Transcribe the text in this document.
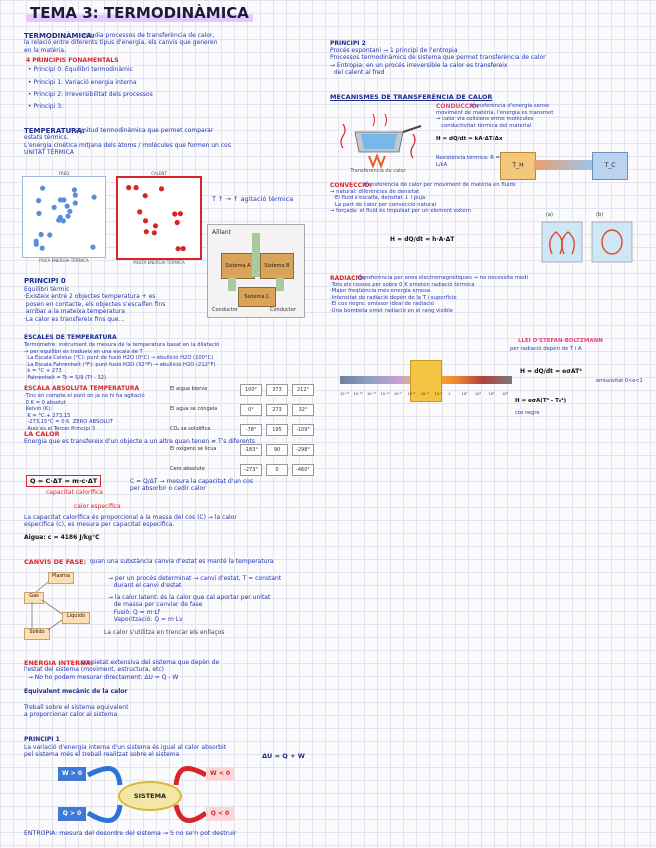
TEMA 3: TERMODINÀMICA
TERMODINÀMICA:
estudia processos de transferència de calor,
la relació entre diferents tipus d'energia, els canvis que generen
en la matèria.
4 PRINCIPIS FONAMENTALS
• Principi 0: Equilibri termodinàmic
• Principi 1: Variació energia interna
• Principi 2: Irreversibilitat dels processos
• Principi 3:
TEMPERATURA:
magnitud termodinàmica que permet comparar
estats tèrmics.
L'energia cinètica mitjana dels àtoms / molècules que formen un cos
UNITAT TÈRMICA
FRED
POCA ENERGIA TÈRMICA
CALENT
MOLTA ENERGIA TÈRMICA
T ↑ → ↑ agitació tèrmica
Aïllant
Sistema A	Sistema B
Sistema C
Conductor	Conductor
PRINCIPI 0
Equilibri tèrmic
·Existeix entre 2 objectes temperatura + es
posen en contacte, els objectes s'escalfen fins
arribar a la mateixa temperatura
·La calor es transfereix fins que...
ESCALES DE TEMPERATURA
Termòmetre: instrument de mesura de la temperatura basat en la dilatació
→ per equilibri es tradueix en una escala de T
La Escala Celsius (°C): punt de fusió H2O (0°C) → ebullició H2O (100°C)
La Escala Fahrenheit (°F): punt fusió H2O (32°F) → ebullició H2O (212°F)
k = °C + 273
Fahrenheit = Tc = 5/9 (Tf - 32)
ESCALA ABSOLUTA TEMPERATURA
·Tinc en compte el punt on ja no hi ha agitació
0 K = 0 absolut
Kelvin (K):
K = °C + 273,15
-273,15°C = 0 K  ZERO ABSOLUT
Això és el Tercer Principi 3
El aigua bierve	100°	373	212°
El agua se congela	0°	273	32°
CO₂ se solidifica	-78°	195	-109°
El oxígeno se licua	-183°	90	-298°
Cero absoluto	-273°	0	-460°
LA CALOR
Energia que es transfereix d'un objecte a un altre quan tenen ≠ T's diferents
Q = C·ΔT = m·c·ΔT
capacitat calorífica
calor específica
C = Q/ΔT → mesura la capacitat d'un cos
per absorbir o cedir calor
La capacitat calorífica és proporcional a la massa del cos (C) → la calor
específica (c), es mesura per capacitat específica.
Aigua: c = 4186 J/kg°C
CANVIS DE FASE: quan una substància canvia d'estat es manté la temperatura
Plasma
Gas
Líquido
Sòlido
→ per un procés determinat → canvi d'estat, T = constant
durant el canvi d'estat
→ la calor latent: és la calor que cal aportar per unitat
de massa per canviar de fase
Fusió: Q = m·Lf
Vaporització: Q = m·Lv
La calor s'utilitza en trencar els enllaços
ENERGIA INTERNA:
propietat extensiva del sistema que depèn de
l'estat del sistema (moviment, estructura, etc)
→ No ho podem mesurar directament: ΔU = Q - W
Equivalent mecànic de la calor
Treball sobre el sistema equivalent
a proporcionar calor al sistema
PRINCIPI 1
La variació d'energia interna d'un sistema és igual al calor absorbit
pel sistema més el treball realitzat sobre el sistema	ΔU = Q + W
W > 0
Q > 0
W < 0
Q < 0
SISTEMA
ENTROPIA: mesura del desordre del sistema → S no se'n pot destruir
PRINCIPI 2
Procés espontani → 1 principi de l'entropia
Processos termodinàmics de sistema que permet transferència de calor
→ Entropia: en un procés irreversible la calor es transfereix
del calent al fred
MECANISMES DE TRANSFERÈNCIA DE CALOR
Transferencia de calor
CONDUCCIÓ:
transferència d'energia sense
moviment de matèria, l'energia es transmet
→ calor via colisions entre molècules
conductivitat tèrmica del material
H = dQ/dt = kA·ΔT/Δx
Resistència tèrmica: R = L/kA	T_H	T_C
CONVECCIÓ:
transferència de calor per moviment de matèria en fluids
→ natural: diferències de densitat
·El fluid s'escalfa, densitat ↓ i puja
·La part de calor per convecció natural
→ forçada: el fluid és impulsat per un element extern
H = dQ/dt = h·A·ΔT
(a)	(b)
RADIACIÓ:
transferència per ones electromagnètiques → no necessita medi
·Tots els cossos per sobre 0 K emeten radiació tèrmica
·Major freqüència més energia emesa
·Intensitat de radiació depèn de la T i superfície
·El cos negre: emissor ideal de radiació
·Una bombeta emet radiació en el rang visible
LLEI D'STEFAN-BOLTZMANN
per radiació depèn de T i A
H = dQ/dt = eσAT⁴
emissivitat 0<e<1
H = eσA(T⁴ - T₀⁴)
cos negre
10⁻¹⁶ 10⁻¹⁴ 10⁻¹² 10⁻¹⁰ 10⁻⁸ 10⁻⁶ 10⁻⁴ 10⁻² 1	10² 10⁴ 10⁶ 10⁸
